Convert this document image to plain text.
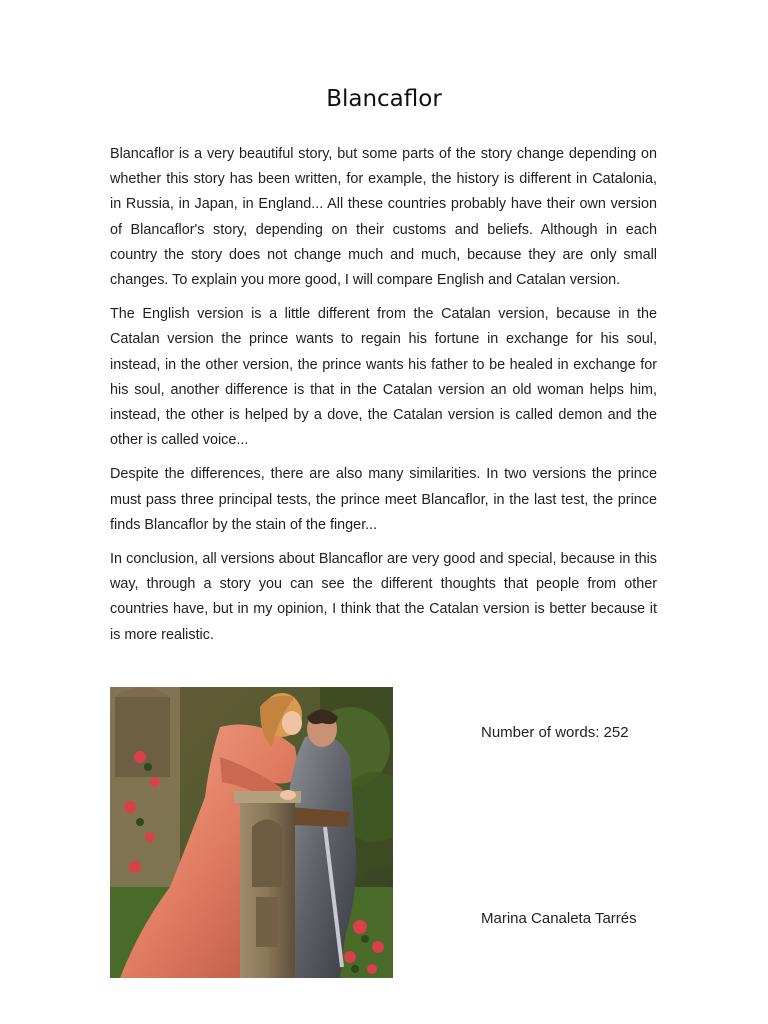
Blancaflor

Blancaflor is a very beautiful story, but some parts of the story change depending on whether this story has been written, for example, the history is different in Catalonia, in Russia, in Japan, in England... All these countries probably have their own version of Blancaflor's story, depending on their customs and beliefs. Although in each country the story does not change much and much, because they are only small changes. To explain you more good, I will compare English and Catalan version.

The English version is a little different from the Catalan version, because in the Catalan version the prince wants to regain his fortune in exchange for his soul, instead, in the other version, the prince wants his father to be healed in exchange for his soul, another difference is that in the Catalan version an old woman helps him, instead, the other is helped by a dove, the Catalan version is called demon and the other is called voice...

Despite the differences, there are also many similarities. In two versions the prince must pass three principal tests, the prince meet Blancaflor, in the last test, the prince finds Blancaflor by the stain of the finger...

In conclusion, all versions about Blancaflor are very good and special, because in this way, through a story you can see the different thoughts that people from other countries have, but in my opinion, I think that the Catalan version is better because it is more realistic.

Number of words: 252
Marina Canaleta Tarrés
